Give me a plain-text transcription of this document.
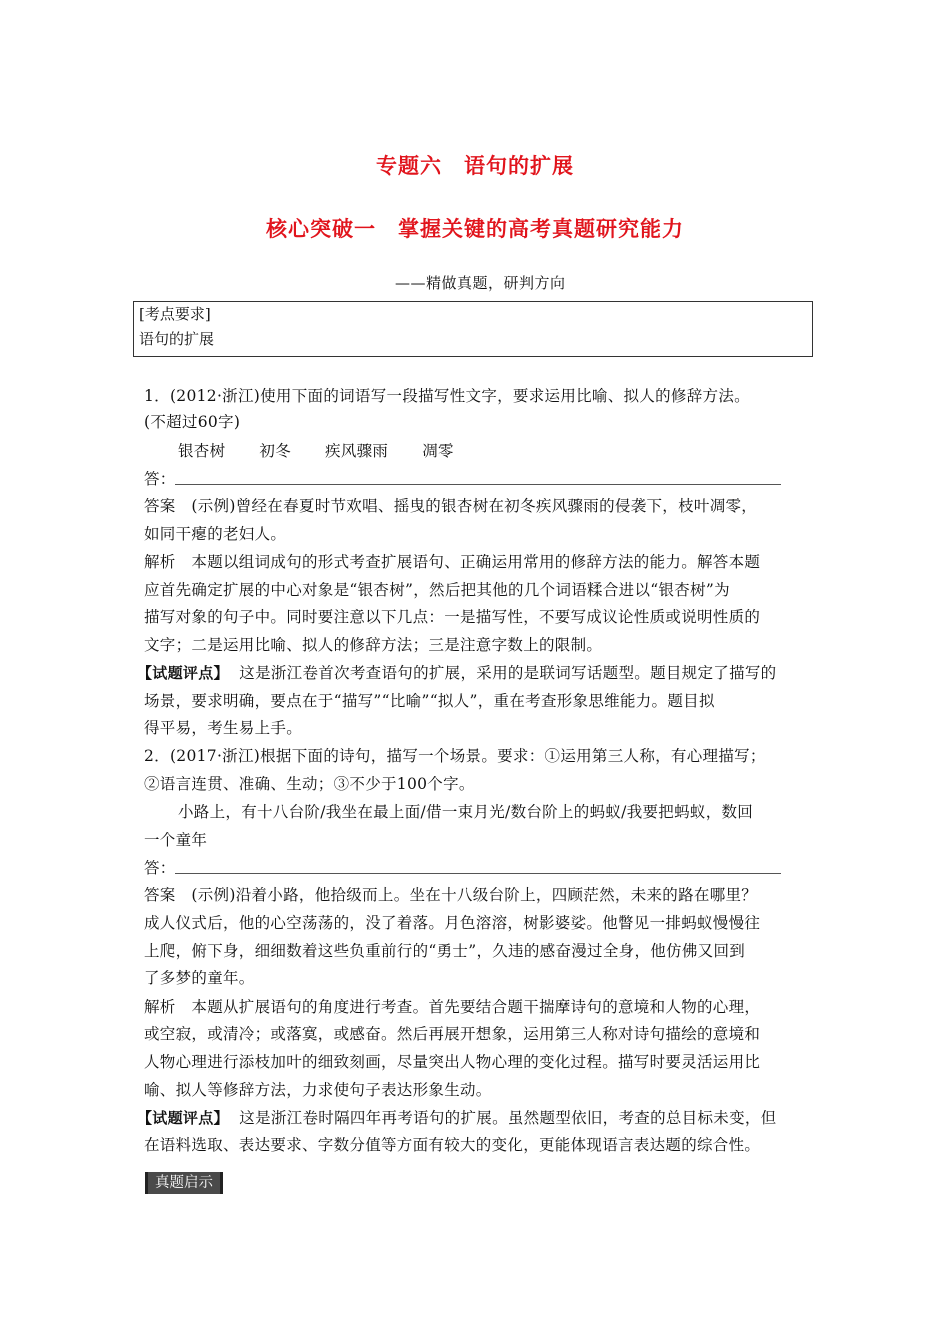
专题六　语句的扩展
核心突破一　掌握关键的高考真题研究能力
——精做真题，研判方向
[考点要求]
语句的扩展
1．(2012·浙江)使用下面的词语写一段描写性文字，要求运用比喻、拟人的修辞方法。
(不超过60字)
银杏树 初冬 疾风骤雨 凋零
答：
答案　(示例)曾经在春夏时节欢唱、摇曳的银杏树在初冬疾风骤雨的侵袭下，枝叶凋零，
如同干瘪的老妇人。
解析　本题以组词成句的形式考查扩展语句、正确运用常用的修辞方法的能力。解答本题
应首先确定扩展的中心对象是“银杏树”，然后把其他的几个词语糅合进以“银杏树”为
描写对象的句子中。同时要注意以下几点：一是描写性，不要写成议论性质或说明性质的
文字；二是运用比喻、拟人的修辞方法；三是注意字数上的限制。
【试题评点】 这是浙江卷首次考查语句的扩展，采用的是联词写话题型。题目规定了描写的
场景，要求明确，要点在于“描写”“比喻”“拟人”，重在考查形象思维能力。题目拟
得平易，考生易上手。
2．(2017·浙江)根据下面的诗句，描写一个场景。要求：①运用第三人称，有心理描写；
②语言连贯、准确、生动；③不少于100个字。
小路上，有十八台阶/我坐在最上面/借一束月光/数台阶上的蚂蚁/我要把蚂蚁，数回
一个童年
答：
答案　(示例)沿着小路，他拾级而上。坐在十八级台阶上，四顾茫然，未来的路在哪里？
成人仪式后，他的心空荡荡的，没了着落。月色溶溶，树影婆娑。他瞥见一排蚂蚁慢慢往
上爬，俯下身，细细数着这些负重前行的“勇士”，久违的感奋漫过全身，他仿佛又回到
了多梦的童年。
解析　本题从扩展语句的角度进行考查。首先要结合题干揣摩诗句的意境和人物的心理，
或空寂，或清冷；或落寞，或感奋。然后再展开想象，运用第三人称对诗句描绘的意境和
人物心理进行添枝加叶的细致刻画，尽量突出人物心理的变化过程。描写时要灵活运用比
喻、拟人等修辞方法，力求使句子表达形象生动。
【试题评点】 这是浙江卷时隔四年再考语句的扩展。虽然题型依旧，考查的总目标未变，但
在语料选取、表达要求、字数分值等方面有较大的变化，更能体现语言表达题的综合性。
真题启示
